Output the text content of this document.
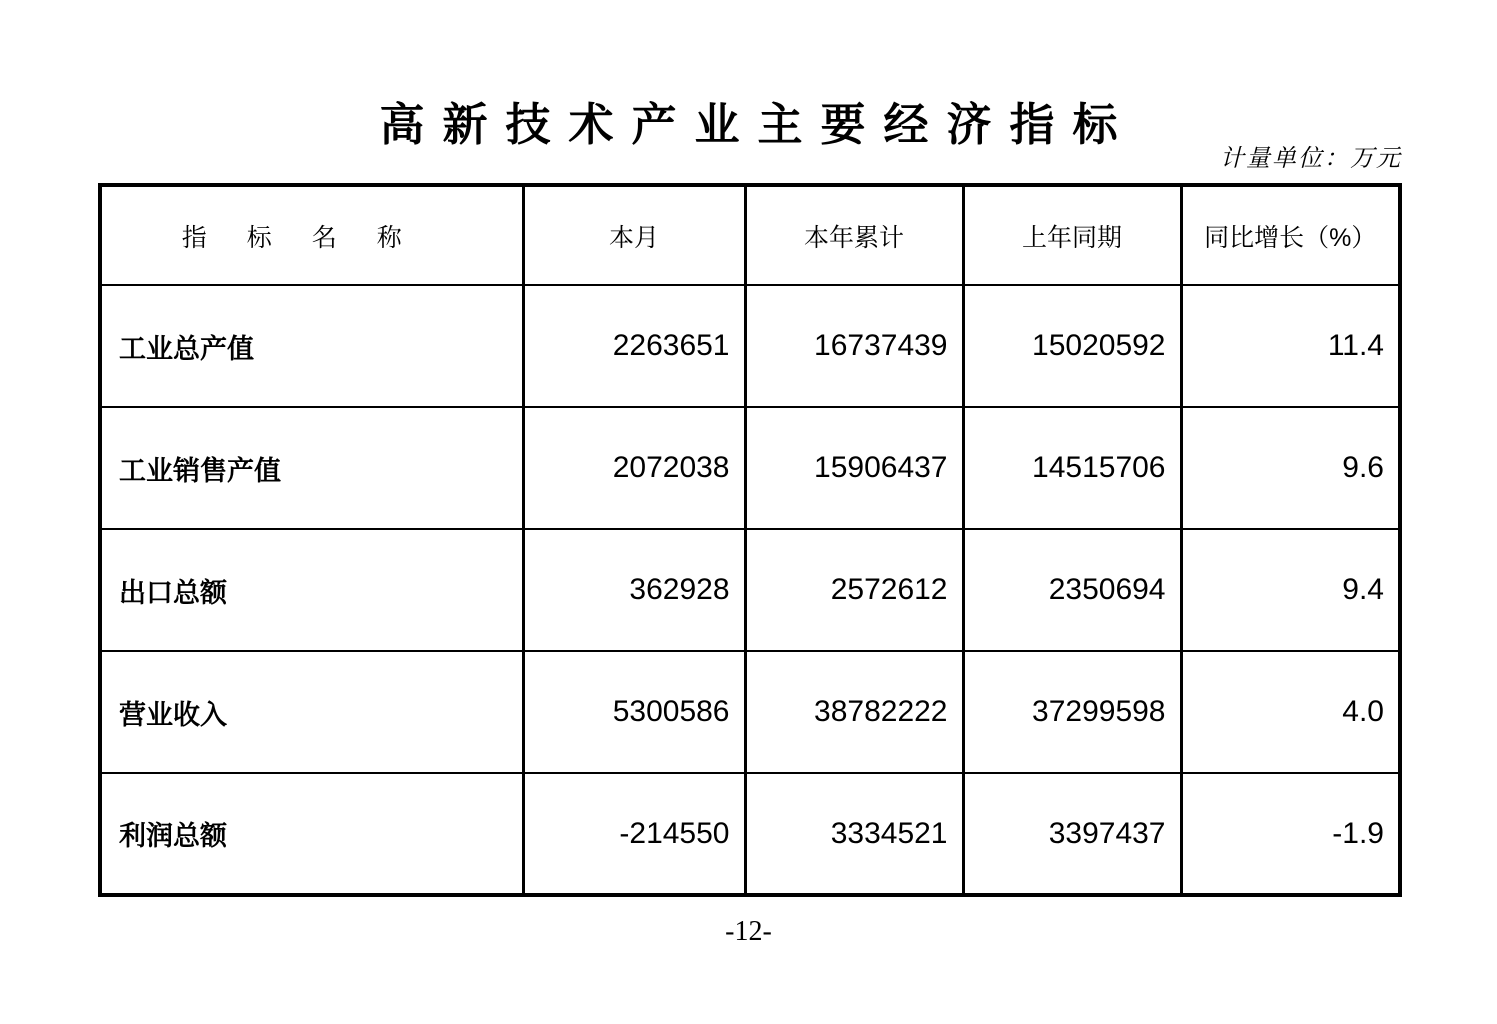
高新技术产业主要经济指标
计量单位：万元
指标名称	本月	本年累计	上年同期	同比增长（%）
工业总产值	2263651	16737439	15020592	11.4
工业销售产值	2072038	15906437	14515706	9.6
出口总额	362928	2572612	2350694	9.4
营业收入	5300586	38782222	37299598	4.0
利润总额	-214550	3334521	3397437	-1.9
-12-
